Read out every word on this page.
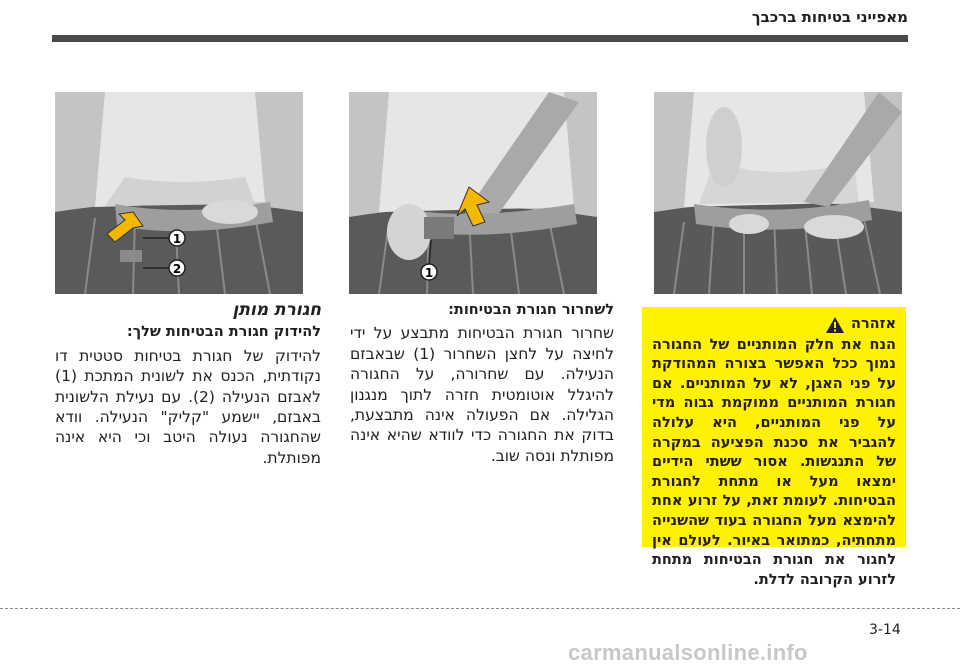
מאפייני בטיחות ברכבך
1
1
2
אזהרה
הנח את חלק המותניים של החגורה נמוך ככל האפשר בצורה המהודקת על פני האגן, לא על המותניים. אם חגורת המותניים ממוקמת גבוה מדי על פני המותניים, היא עלולה להגביר את סכנת הפציעה במקרה של התנגשות. אסור ששתי הידיים ימצאו מעל או מתחת לחגורת הבטיחות. לעומת זאת, על זרוע אחת להימצא מעל החגורה בעוד שהשנייה מתחתיה, כמתואר באיור. לעולם אין לחגור את חגורת הבטיחות מתחת לזרוע הקרובה לדלת.
לשחרור חגורת הבטיחות:
שחרור חגורת הבטיחות מתבצע על ידי לחיצה על לחצן השחרור (1) שבאבזם הנעילה. עם שחרורה, על החגורה להיגלל אוטומטית חזרה לתוך מנגנון הגלילה. אם הפעולה אינה מתבצעת, בדוק את החגורה כדי לוודא שהיא אינה מפותלת ונסה שוב.
חגורת מותן
להידוק חגורת הבטיחות שלך:
להידוק של חגורת בטיחות סטטית דו נקודתית, הכנס את לשונית המתכת (1) לאבזם הנעילה (2). עם נעילת הלשונית באבזם, יישמע "קליק" הנעילה. וודא שהחגורה נעולה היטב וכי היא אינה מפותלת.
3-14
carmanualsonline.info
